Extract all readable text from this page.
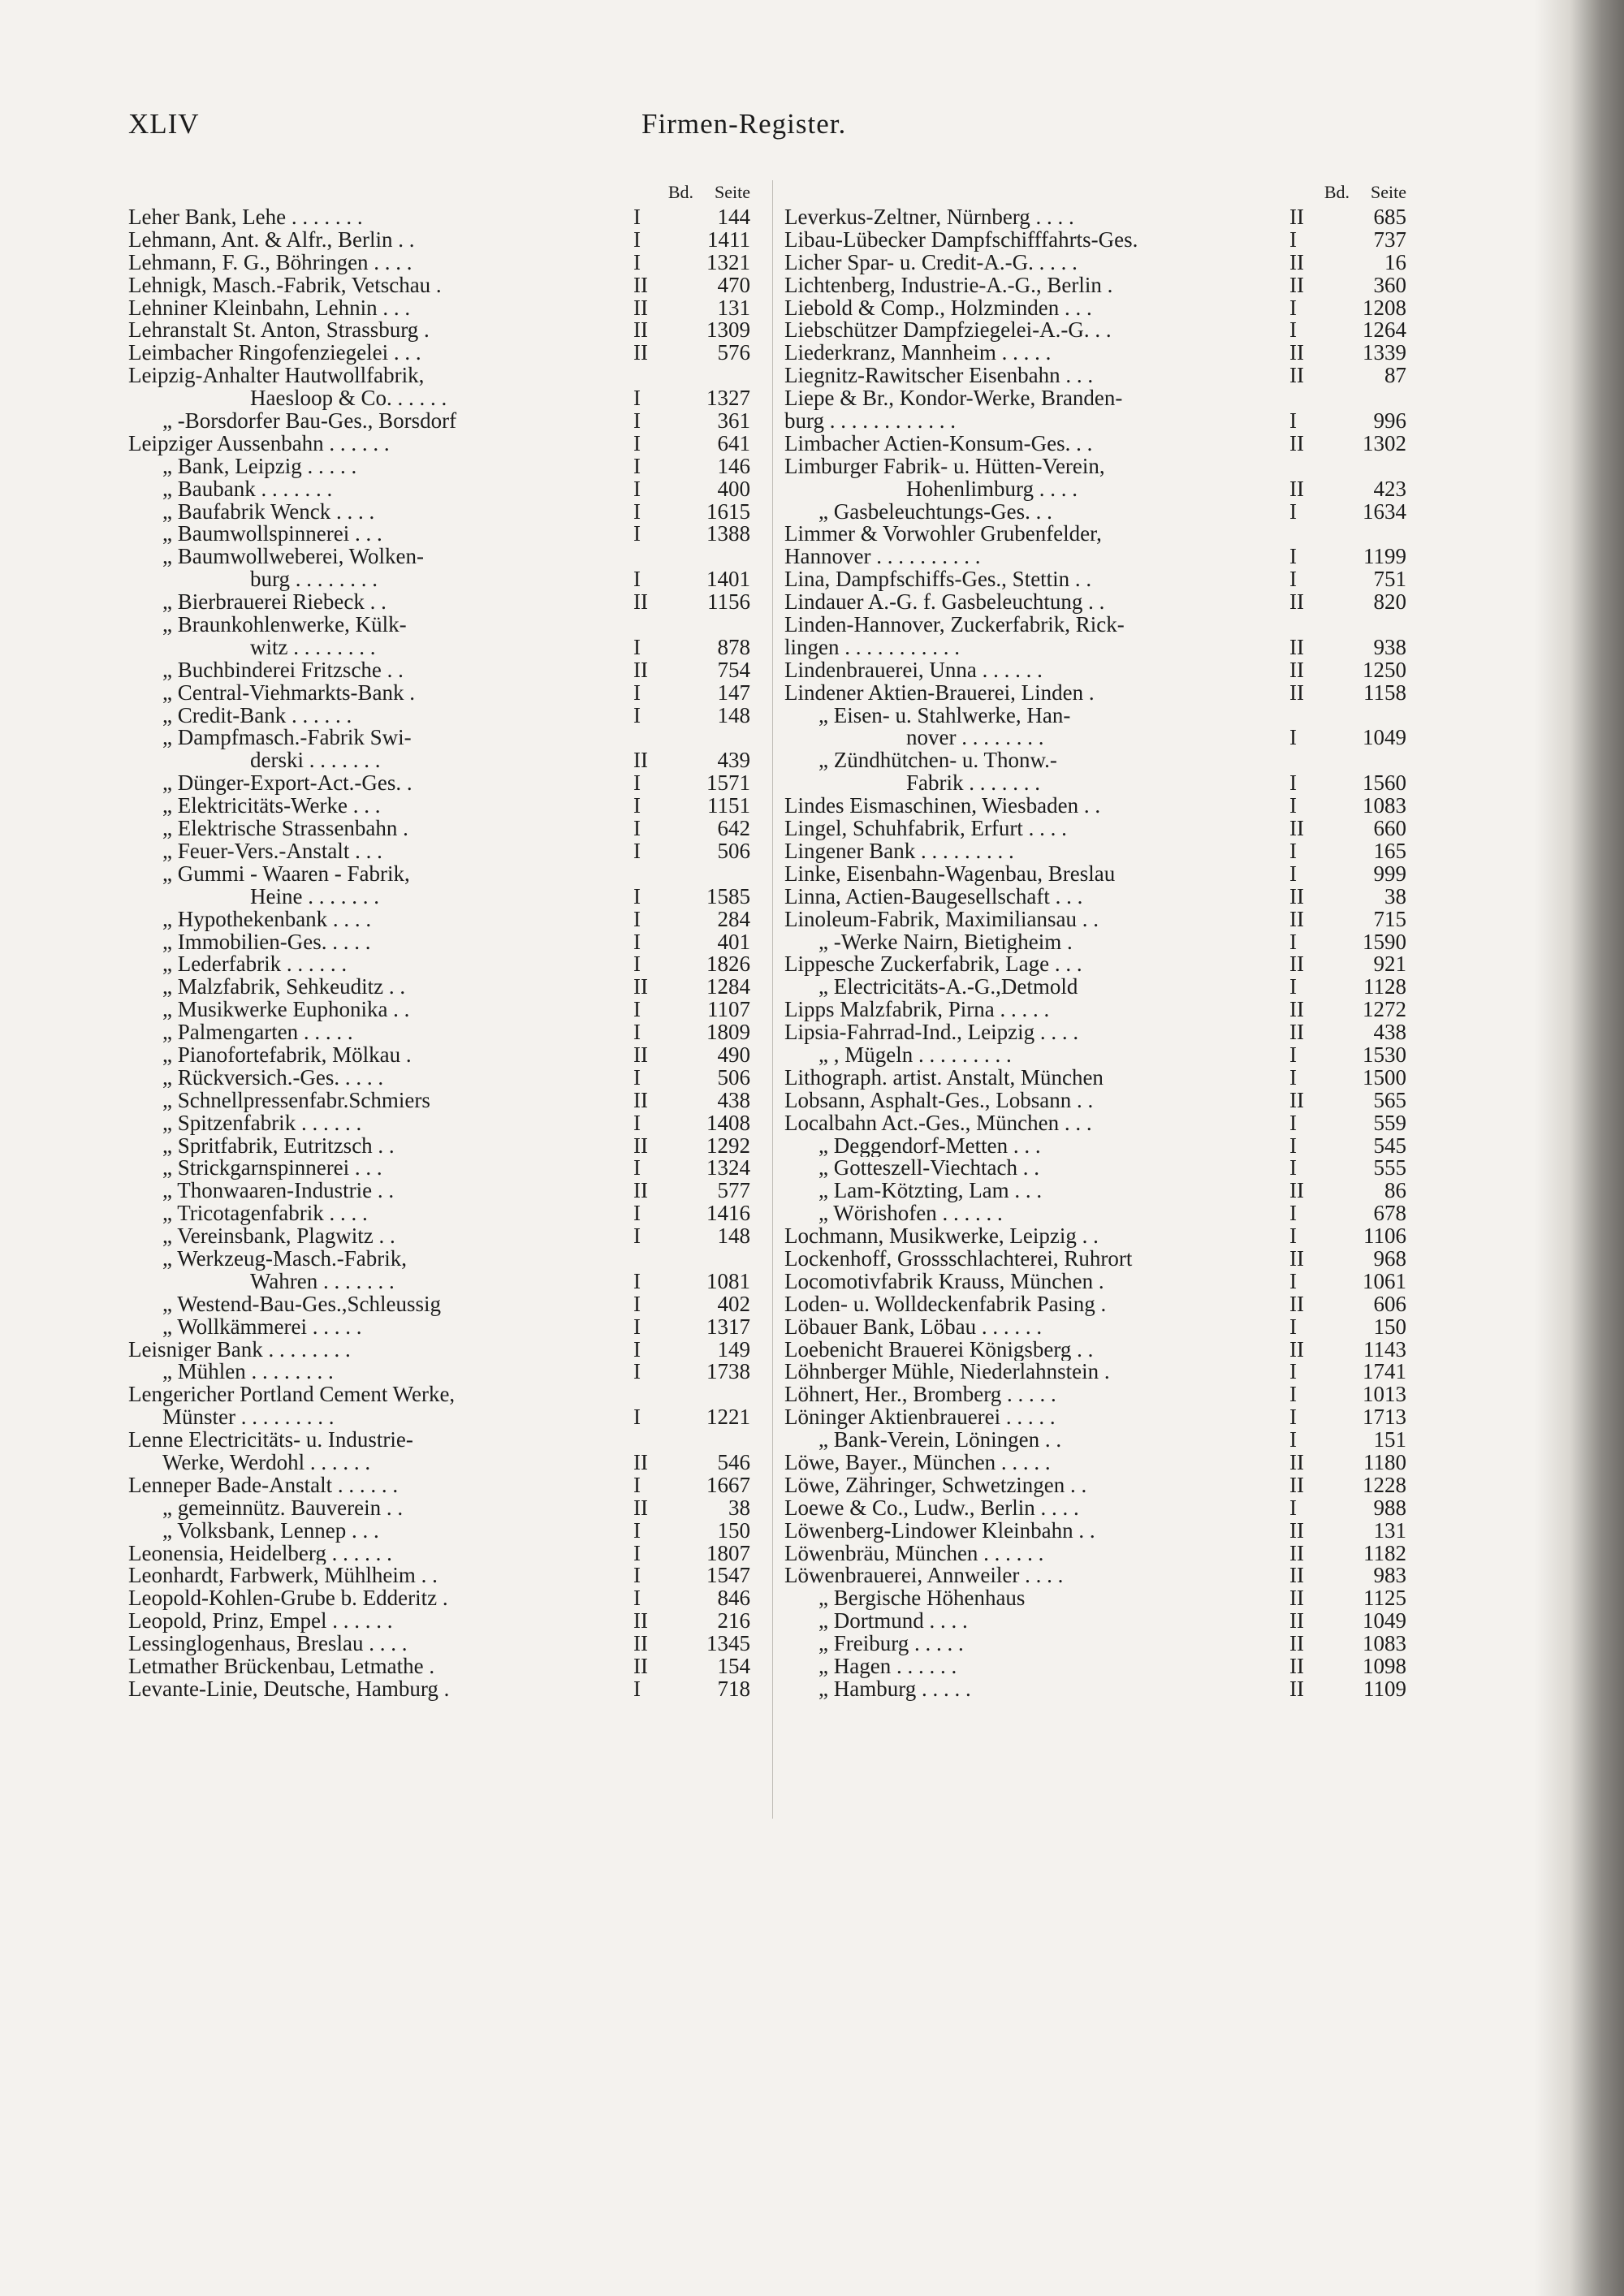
XLIV	Firmen-Register.
Bd. Seite
Leher Bank, Lehe . . . . . . .	I	144
Lehmann, Ant. & Alfr., Berlin . .	I	1411
Lehmann, F. G., Böhringen . . . .	I	1321
Lehnigk, Masch.-Fabrik, Vetschau .	II	470
Lehniner Kleinbahn, Lehnin . . .	II	131
Lehranstalt St. Anton, Strassburg .	II	1309
Leimbacher Ringofenziegelei . . .	II	576
Leipzig-Anhalter Hautwollfabrik,
Haesloop & Co. . . . . .	I	1327
„ -Borsdorfer Bau-Ges., Borsdorf	I	361
Leipziger Aussenbahn . . . . . .	I	641
„ Bank, Leipzig . . . . .	I	146
„ Baubank . . . . . . .	I	400
„ Baufabrik Wenck . . . .	I	1615
„ Baumwollspinnerei . . .	I	1388
„ Baumwollweberei, Wolken-
burg . . . . . . . .	I	1401
„ Bierbrauerei Riebeck . .	II	1156
„ Braunkohlenwerke, Külk-
witz . . . . . . . .	I	878
„ Buchbinderei Fritzsche . .	II	754
„ Central-Viehmarkts-Bank .	I	147
„ Credit-Bank . . . . . .	I	148
„ Dampfmasch.-Fabrik Swi-
derski . . . . . . .	II	439
„ Dünger-Export-Act.-Ges. .	I	1571
„ Elektricitäts-Werke . . .	I	1151
„ Elektrische Strassenbahn .	I	642
„ Feuer-Vers.-Anstalt . . .	I	506
„ Gummi - Waaren - Fabrik,
Heine . . . . . . .	I	1585
„ Hypothekenbank . . . .	I	284
„ Immobilien-Ges. . . . .	I	401
„ Lederfabrik . . . . . .	I	1826
„ Malzfabrik, Sehkeuditz . .	II	1284
„ Musikwerke Euphonika . .	I	1107
„ Palmengarten . . . . .	I	1809
„ Pianofortefabrik, Mölkau .	II	490
„ Rückversich.-Ges. . . . .	I	506
„ Schnellpressenfabr.Schmiers	II	438
„ Spitzenfabrik . . . . . .	I	1408
„ Spritfabrik, Eutritzsch . .	II	1292
„ Strickgarnspinnerei . . .	I	1324
„ Thonwaaren-Industrie . .	II	577
„ Tricotagenfabrik . . . .	I	1416
„ Vereinsbank, Plagwitz . .	I	148
„ Werkzeug-Masch.-Fabrik,
Wahren . . . . . . .	I	1081
„ Westend-Bau-Ges.,Schleussig	I	402
„ Wollkämmerei . . . . .	I	1317
Leisniger Bank . . . . . . . .	I	149
„ Mühlen . . . . . . . .	I	1738
Lengericher Portland Cement Werke,
Münster . . . . . . . . .	I	1221
Lenne Electricitäts- u. Industrie-
Werke, Werdohl . . . . . .	II	546
Lenneper Bade-Anstalt . . . . . .	I	1667
„ gemeinnütz. Bauverein . .	II	38
„ Volksbank, Lennep . . .	I	150
Leonensia, Heidelberg . . . . . .	I	1807
Leonhardt, Farbwerk, Mühlheim . .	I	1547
Leopold-Kohlen-Grube b. Edderitz .	I	846
Leopold, Prinz, Empel . . . . . .	II	216
Lessinglogenhaus, Breslau . . . .	II	1345
Letmather Brückenbau, Letmathe .	II	154
Levante-Linie, Deutsche, Hamburg .	I	718
Bd. Seite
Leverkus-Zeltner, Nürnberg . . . .	II	685
Libau-Lübecker Dampfschifffahrts-Ges.	I	737
Licher Spar- u. Credit-A.-G. . . . .	II	16
Lichtenberg, Industrie-A.-G., Berlin .	II	360
Liebold & Comp., Holzminden . . .	I	1208
Liebschützer Dampfziegelei-A.-G. . .	I	1264
Liederkranz, Mannheim . . . . .	II	1339
Liegnitz-Rawitscher Eisenbahn . . .	II	87
Liepe & Br., Kondor-Werke, Branden-
burg . . . . . . . . . . . .	I	996
Limbacher Actien-Konsum-Ges. . .	II	1302
Limburger Fabrik- u. Hütten-Verein,
Hohenlimburg . . . .	II	423
„ Gasbeleuchtungs-Ges. . .	I	1634
Limmer & Vorwohler Grubenfelder,
Hannover . . . . . . . . . .	I	1199
Lina, Dampfschiffs-Ges., Stettin . .	I	751
Lindauer A.-G. f. Gasbeleuchtung . .	II	820
Linden-Hannover, Zuckerfabrik, Rick-
lingen . . . . . . . . . . .	II	938
Lindenbrauerei, Unna . . . . . .	II	1250
Lindener Aktien-Brauerei, Linden .	II	1158
„ Eisen- u. Stahlwerke, Han-
nover . . . . . . . .	I	1049
„ Zündhütchen- u. Thonw.-
Fabrik . . . . . . .	I	1560
Lindes Eismaschinen, Wiesbaden . .	I	1083
Lingel, Schuhfabrik, Erfurt . . . .	II	660
Lingener Bank . . . . . . . . .	I	165
Linke, Eisenbahn-Wagenbau, Breslau	I	999
Linna, Actien-Baugesellschaft . . .	II	38
Linoleum-Fabrik, Maximiliansau . .	II	715
„ -Werke Nairn, Bietigheim .	I	1590
Lippesche Zuckerfabrik, Lage . . .	II	921
„ Electricitäts-A.-G.,Detmold	I	1128
Lipps Malzfabrik, Pirna . . . . .	II	1272
Lipsia-Fahrrad-Ind., Leipzig . . . .	II	438
„ , Mügeln . . . . . . . . .	I	1530
Lithograph. artist. Anstalt, München	I	1500
Lobsann, Asphalt-Ges., Lobsann . .	II	565
Localbahn Act.-Ges., München . . .	I	559
„ Deggendorf-Metten . . .	I	545
„ Gotteszell-Viechtach . .	I	555
„ Lam-Kötzting, Lam . . .	II	86
„ Wörishofen . . . . . .	I	678
Lochmann, Musikwerke, Leipzig . .	I	1106
Lockenhoff, Grossschlachterei, Ruhrort	II	968
Locomotivfabrik Krauss, München .	I	1061
Loden- u. Wolldeckenfabrik Pasing .	II	606
Löbauer Bank, Löbau . . . . . .	I	150
Loebenicht Brauerei Königsberg . .	II	1143
Löhnberger Mühle, Niederlahnstein .	I	1741
Löhnert, Her., Bromberg . . . . .	I	1013
Löninger Aktienbrauerei . . . . .	I	1713
„ Bank-Verein, Löningen . .	I	151
Löwe, Bayer., München . . . . .	II	1180
Löwe, Zähringer, Schwetzingen . .	II	1228
Loewe & Co., Ludw., Berlin . . . .	I	988
Löwenberg-Lindower Kleinbahn . .	II	131
Löwenbräu, München . . . . . .	II	1182
Löwenbrauerei, Annweiler . . . .	II	983
„ Bergische Höhenhaus	II	1125
„ Dortmund . . . .	II	1049
„ Freiburg . . . . .	II	1083
„ Hagen . . . . . .	II	1098
„ Hamburg . . . . .	II	1109
